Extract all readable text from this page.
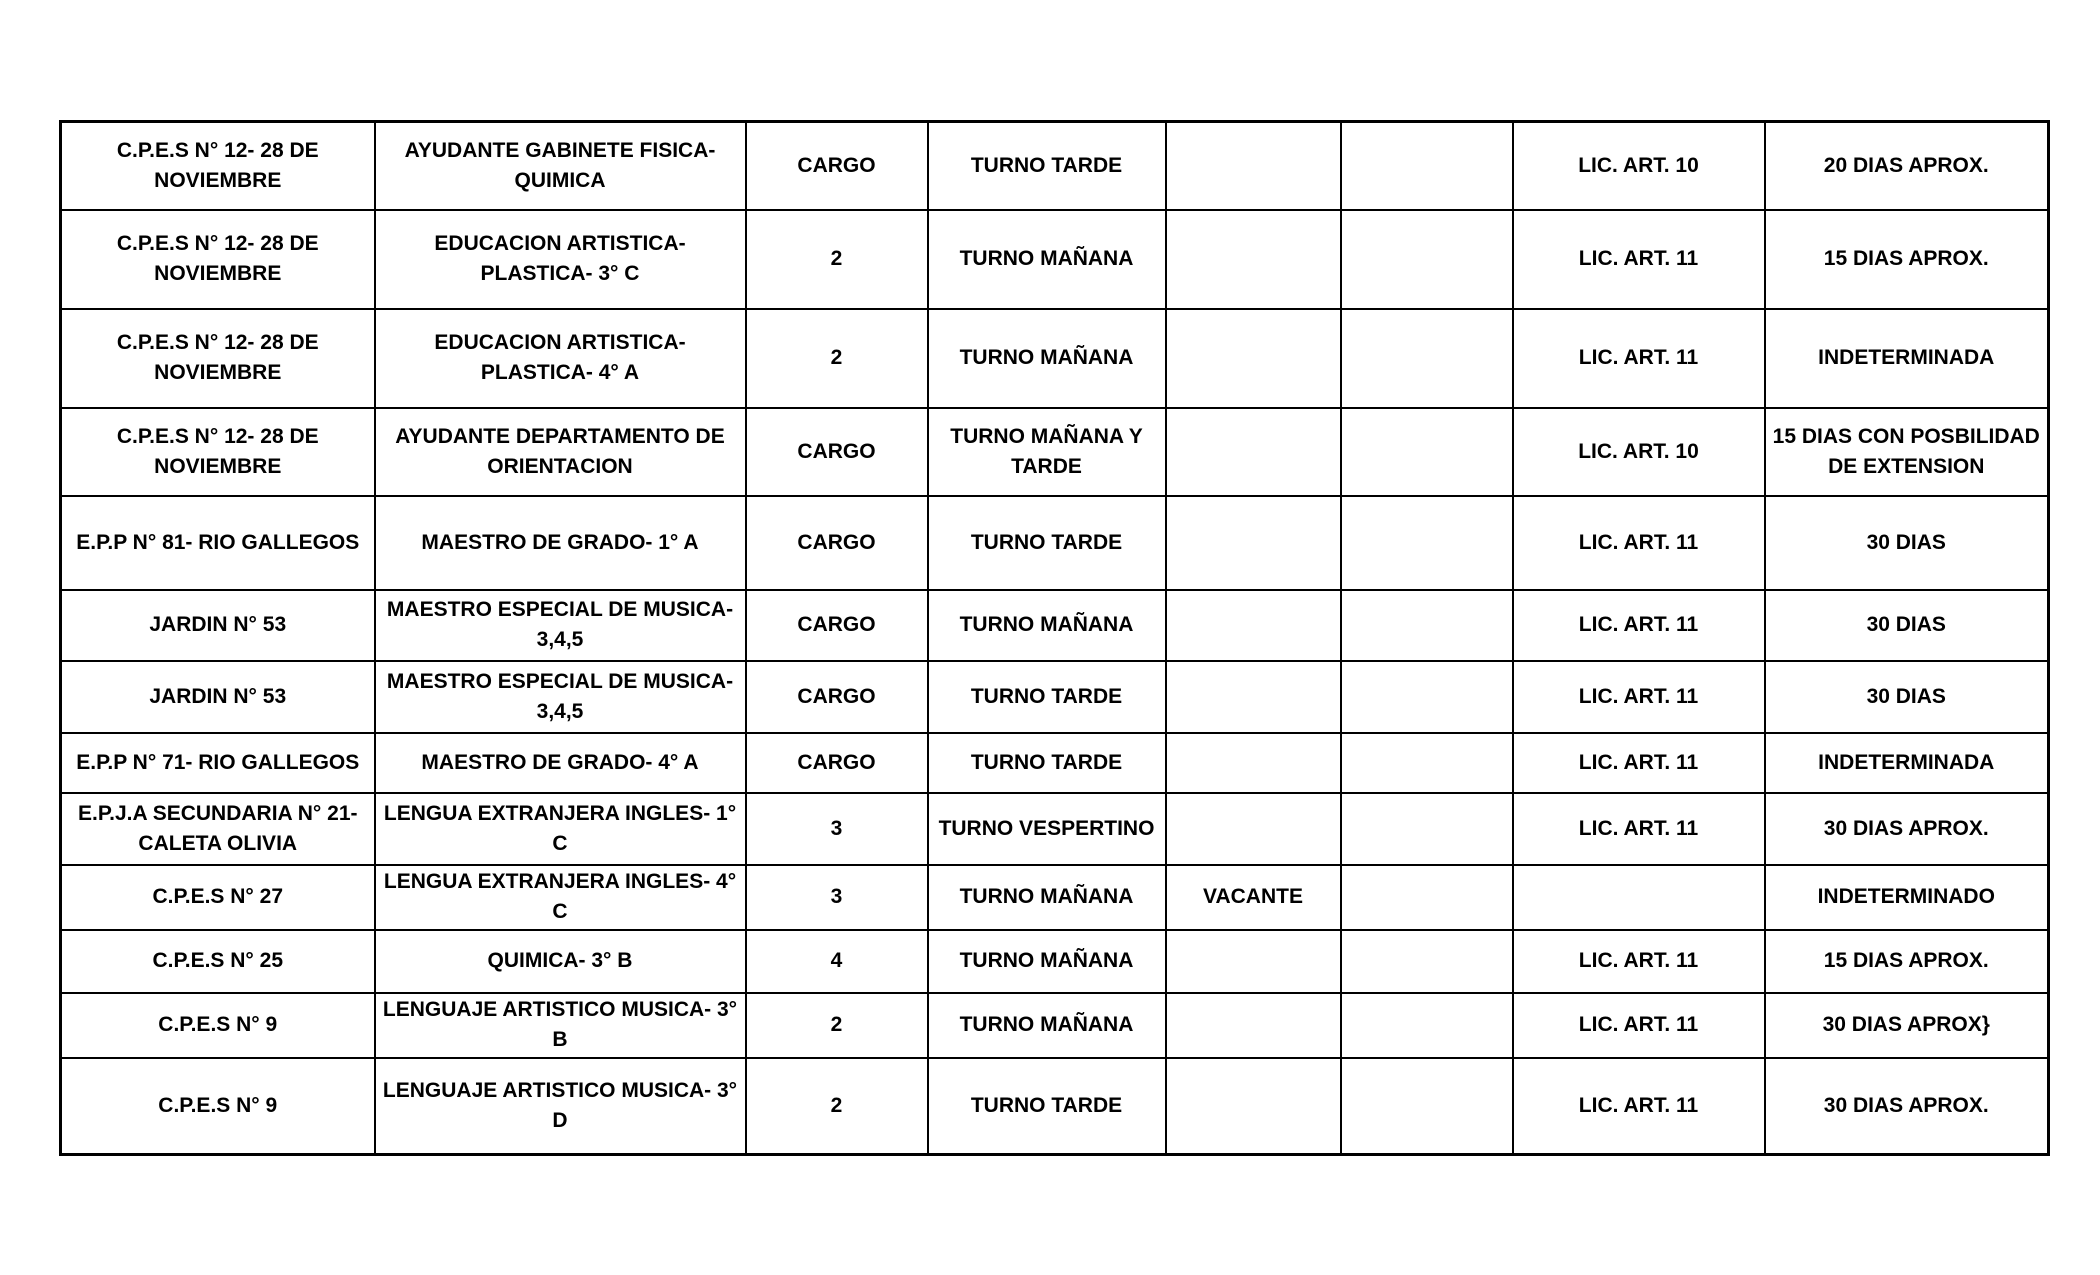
C.P.E.S N° 12- 28 DE NOVIEMBRE	AYUDANTE GABINETE FISICA-QUIMICA	CARGO	TURNO TARDE			LIC. ART. 10	20 DIAS APROX.
C.P.E.S N° 12- 28 DE NOVIEMBRE	EDUCACION ARTISTICA- PLASTICA- 3° C	2	TURNO MAÑANA			LIC. ART. 11	15 DIAS APROX.
C.P.E.S N° 12- 28 DE NOVIEMBRE	EDUCACION ARTISTICA- PLASTICA- 4° A	2	TURNO MAÑANA			LIC. ART. 11	INDETERMINADA
C.P.E.S N° 12- 28 DE NOVIEMBRE	AYUDANTE DEPARTAMENTO DE ORIENTACION	CARGO	TURNO MAÑANA Y TARDE			LIC. ART. 10	15 DIAS CON POSBILIDAD DE EXTENSION
E.P.P N° 81- RIO GALLEGOS	MAESTRO DE GRADO- 1° A	CARGO	TURNO TARDE			LIC. ART. 11	30 DIAS
JARDIN N° 53	MAESTRO ESPECIAL DE MUSICA- 3,4,5	CARGO	TURNO MAÑANA			LIC. ART. 11	30 DIAS
JARDIN N° 53	MAESTRO ESPECIAL DE MUSICA- 3,4,5	CARGO	TURNO TARDE			LIC. ART. 11	30 DIAS
E.P.P N° 71- RIO GALLEGOS	MAESTRO DE GRADO- 4° A	CARGO	TURNO TARDE			LIC. ART. 11	INDETERMINADA
E.P.J.A SECUNDARIA N° 21- CALETA OLIVIA	LENGUA EXTRANJERA INGLES- 1° C	3	TURNO VESPERTINO			LIC. ART. 11	30 DIAS APROX.
C.P.E.S N° 27	LENGUA EXTRANJERA INGLES- 4° C	3	TURNO MAÑANA	VACANTE			INDETERMINADO
C.P.E.S N° 25	QUIMICA- 3° B	4	TURNO MAÑANA			LIC. ART. 11	15 DIAS APROX.
C.P.E.S N° 9	LENGUAJE ARTISTICO MUSICA- 3° B	2	TURNO MAÑANA			LIC. ART. 11	30 DIAS APROX}
C.P.E.S N° 9	LENGUAJE ARTISTICO MUSICA- 3° D	2	TURNO TARDE			LIC. ART. 11	30 DIAS APROX.
